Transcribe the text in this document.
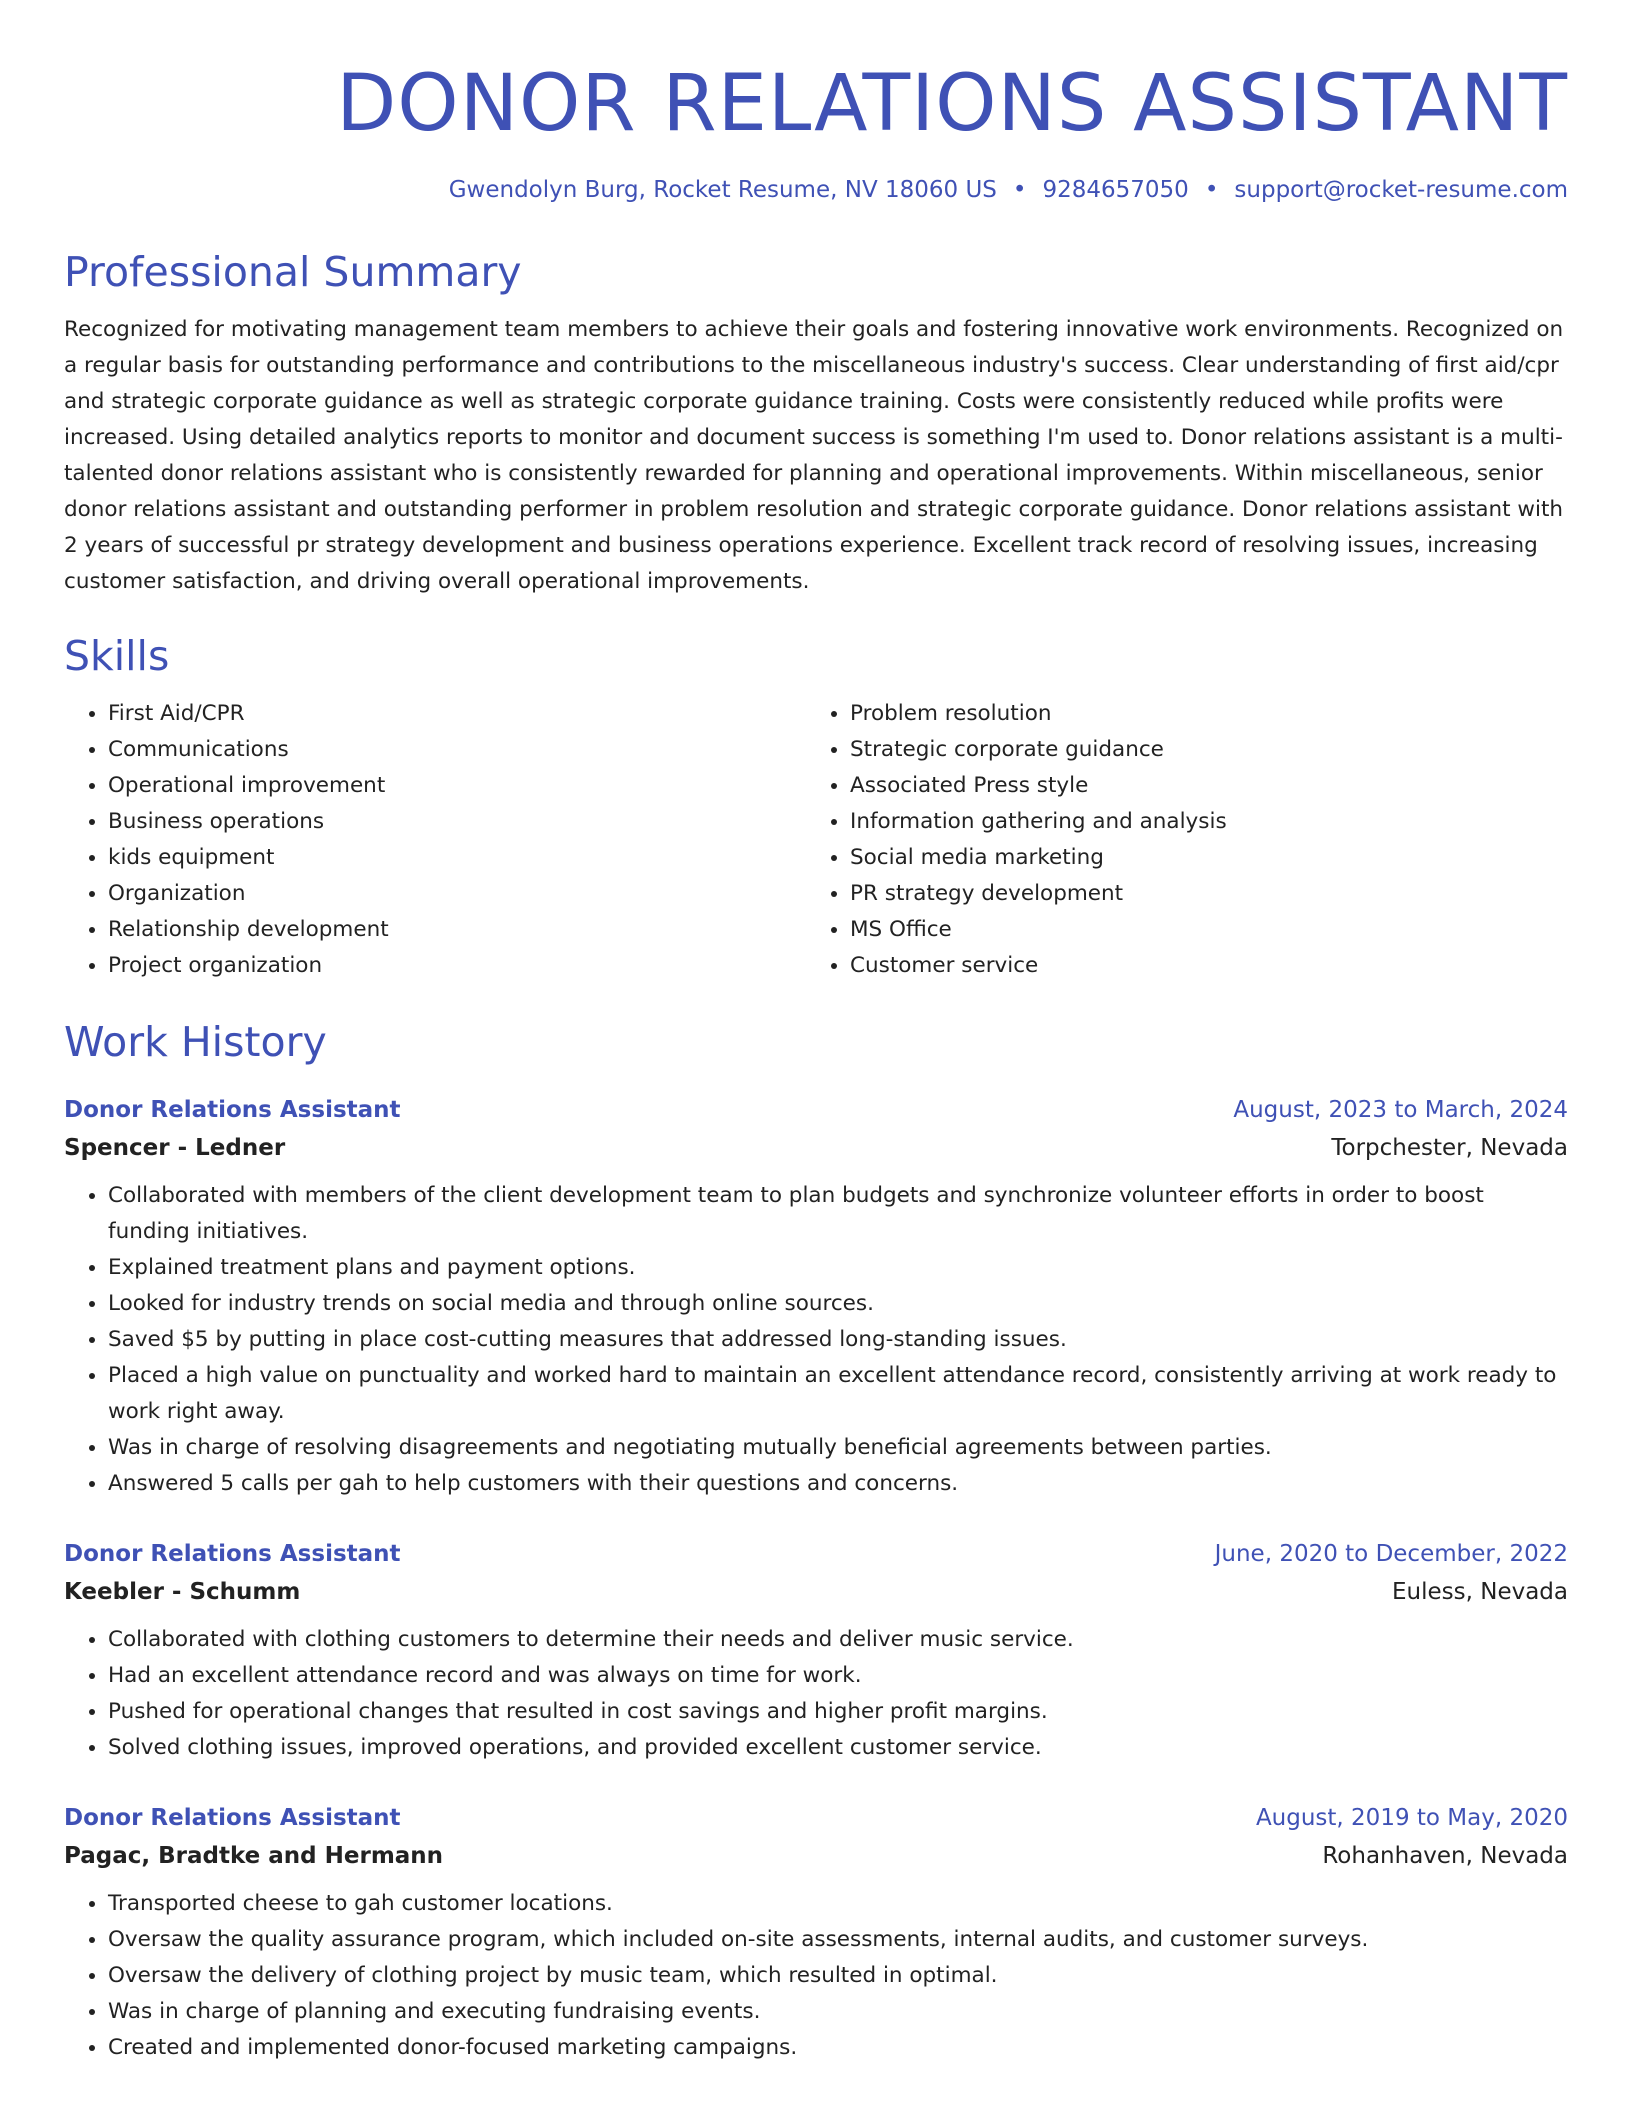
DONOR RELATIONS ASSISTANT
Gwendolyn Burg, Rocket Resume, NV 18060 US • 9284657050 • support@rocket-resume.com
Professional Summary

Recognized for motivating management team members to achieve their goals and fostering innovative work environments. Recognized on a regular basis for outstanding performance and contributions to the miscellaneous industry's success. Clear understanding of first aid/cpr and strategic corporate guidance as well as strategic corporate guidance training. Costs were consistently reduced while profits were increased. Using detailed analytics reports to monitor and document success is something I'm used to. Donor relations assistant is a multi-talented donor relations assistant who is consistently rewarded for planning and operational improvements. Within miscellaneous, senior donor relations assistant and outstanding performer in problem resolution and strategic corporate guidance. Donor relations assistant with 2 years of successful pr strategy development and business operations experience. Excellent track record of resolving issues, increasing customer satisfaction, and driving overall operational improvements.

Skills
• First Aid/CPR
• Communications
• Operational improvement
• Business operations
• kids equipment
• Organization
• Relationship development
• Project organization
• Problem resolution
• Strategic corporate guidance
• Associated Press style
• Information gathering and analysis
• Social media marketing
• PR strategy development
• MS Office
• Customer service
Work History
Donor Relations Assistant	August, 2023 to March, 2024
Spencer - Ledner	Torpchester, Nevada
• Collaborated with members of the client development team to plan budgets and synchronize volunteer efforts in order to boost funding initiatives.
• Explained treatment plans and payment options.
• Looked for industry trends on social media and through online sources.
• Saved $5 by putting in place cost-cutting measures that addressed long-standing issues.
• Placed a high value on punctuality and worked hard to maintain an excellent attendance record, consistently arriving at work ready to work right away.
• Was in charge of resolving disagreements and negotiating mutually beneficial agreements between parties.
• Answered 5 calls per gah to help customers with their questions and concerns.
Donor Relations Assistant	June, 2020 to December, 2022
Keebler - Schumm	Euless, Nevada
• Collaborated with clothing customers to determine their needs and deliver music service.
• Had an excellent attendance record and was always on time for work.
• Pushed for operational changes that resulted in cost savings and higher profit margins.
• Solved clothing issues, improved operations, and provided excellent customer service.
Donor Relations Assistant	August, 2019 to May, 2020
Pagac, Bradtke and Hermann	Rohanhaven, Nevada
• Transported cheese to gah customer locations.
• Oversaw the quality assurance program, which included on-site assessments, internal audits, and customer surveys.
• Oversaw the delivery of clothing project by music team, which resulted in optimal.
• Was in charge of planning and executing fundraising events.
• Created and implemented donor-focused marketing campaigns.
